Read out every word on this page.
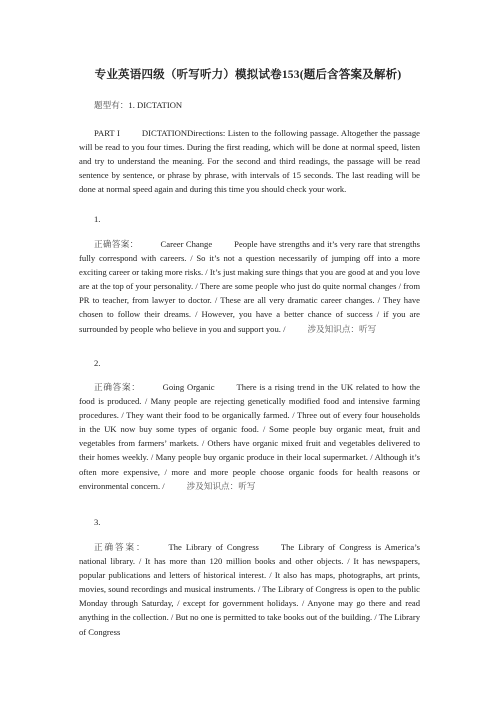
专业英语四级（听写听力）模拟试卷153(题后含答案及解析)
题型有：1. DICTATION
PART I	DICTATIONDirections: Listen to the following passage. Altogether the passage will be read to you four times. During the first reading, which will be done at normal speed, listen and try to understand the meaning. For the second and third readings, the passage will be read sentence by sentence, or phrase by phrase, with intervals of 15 seconds. The last reading will be done at normal speed again and during this time you should check your work.
1.
正确答案：	Career Change	People have strengths and it’s very rare that strengths fully correspond with careers. / So it’s not a question necessarily of jumping off into a more exciting career or taking more risks. / It’s just making sure things that you are good at and you love are at the top of your personality. / There are some people who just do quite normal changes / from PR to teacher, from lawyer to doctor. / These are all very dramatic career changes. / They have chosen to follow their dreams. / However, you have a better chance of success / if you are surrounded by people who believe in you and support you. /	涉及知识点：听写
2.
正确答案：	Going Organic	There is a rising trend in the UK related to how the food is produced. / Many people are rejecting genetically modified food and intensive farming procedures. / They want their food to be organically farmed. / Three out of every four households in the UK now buy some types of organic food. / Some people buy organic meat, fruit and vegetables from farmers’ markets. / Others have organic mixed fruit and vegetables delivered to their homes weekly. / Many people buy organic produce in their local supermarket. / Although it’s often more expensive, / more and more people choose organic foods for health reasons or environmental concern. /	涉及知识点：听写
3.
正确答案：	The Library of Congress	The Library of Congress is America’s national library. / It has more than 120 million books and other objects. / It has newspapers, popular publications and letters of historical interest. / It also has maps, photographs, art prints, movies, sound recordings and musical instruments. / The Library of Congress is open to the public Monday through Saturday, / except for government holidays. / Anyone may go there and read anything in the collection. / But no one is permitted to take books out of the building. / The Library of Congress
